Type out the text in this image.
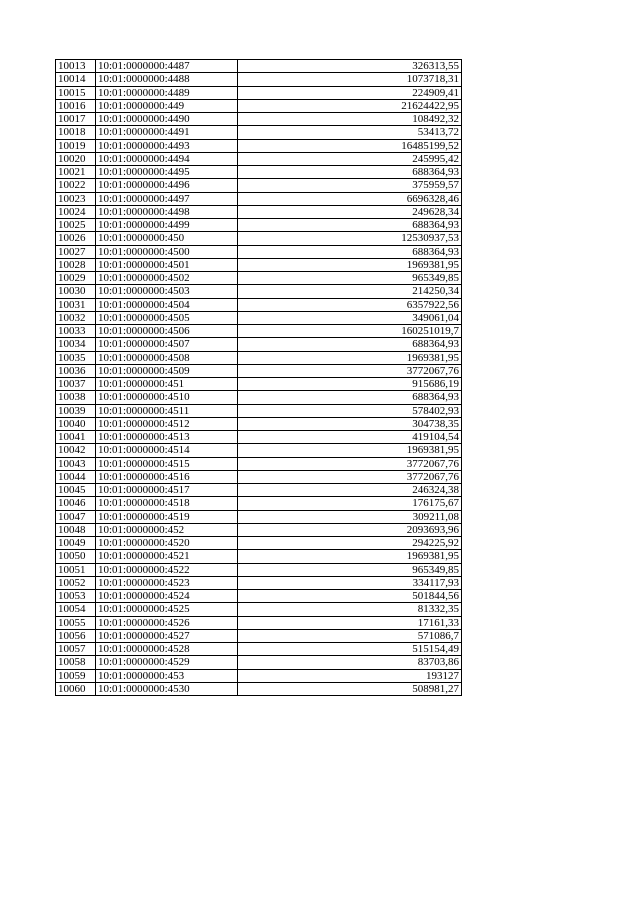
10013	10:01:0000000:4487	326313,55
10014	10:01:0000000:4488	1073718,31
10015	10:01:0000000:4489	224909,41
10016	10:01:0000000:449	21624422,95
10017	10:01:0000000:4490	108492,32
10018	10:01:0000000:4491	53413,72
10019	10:01:0000000:4493	16485199,52
10020	10:01:0000000:4494	245995,42
10021	10:01:0000000:4495	688364,93
10022	10:01:0000000:4496	375959,57
10023	10:01:0000000:4497	6696328,46
10024	10:01:0000000:4498	249628,34
10025	10:01:0000000:4499	688364,93
10026	10:01:0000000:450	12530937,53
10027	10:01:0000000:4500	688364,93
10028	10:01:0000000:4501	1969381,95
10029	10:01:0000000:4502	965349,85
10030	10:01:0000000:4503	214250,34
10031	10:01:0000000:4504	6357922,56
10032	10:01:0000000:4505	349061,04
10033	10:01:0000000:4506	160251019,7
10034	10:01:0000000:4507	688364,93
10035	10:01:0000000:4508	1969381,95
10036	10:01:0000000:4509	3772067,76
10037	10:01:0000000:451	915686,19
10038	10:01:0000000:4510	688364,93
10039	10:01:0000000:4511	578402,93
10040	10:01:0000000:4512	304738,35
10041	10:01:0000000:4513	419104,54
10042	10:01:0000000:4514	1969381,95
10043	10:01:0000000:4515	3772067,76
10044	10:01:0000000:4516	3772067,76
10045	10:01:0000000:4517	246324,38
10046	10:01:0000000:4518	176175,67
10047	10:01:0000000:4519	309211,08
10048	10:01:0000000:452	2093693,96
10049	10:01:0000000:4520	294225,92
10050	10:01:0000000:4521	1969381,95
10051	10:01:0000000:4522	965349,85
10052	10:01:0000000:4523	334117,93
10053	10:01:0000000:4524	501844,56
10054	10:01:0000000:4525	81332,35
10055	10:01:0000000:4526	17161,33
10056	10:01:0000000:4527	571086,7
10057	10:01:0000000:4528	515154,49
10058	10:01:0000000:4529	83703,86
10059	10:01:0000000:453	193127
10060	10:01:0000000:4530	508981,27
